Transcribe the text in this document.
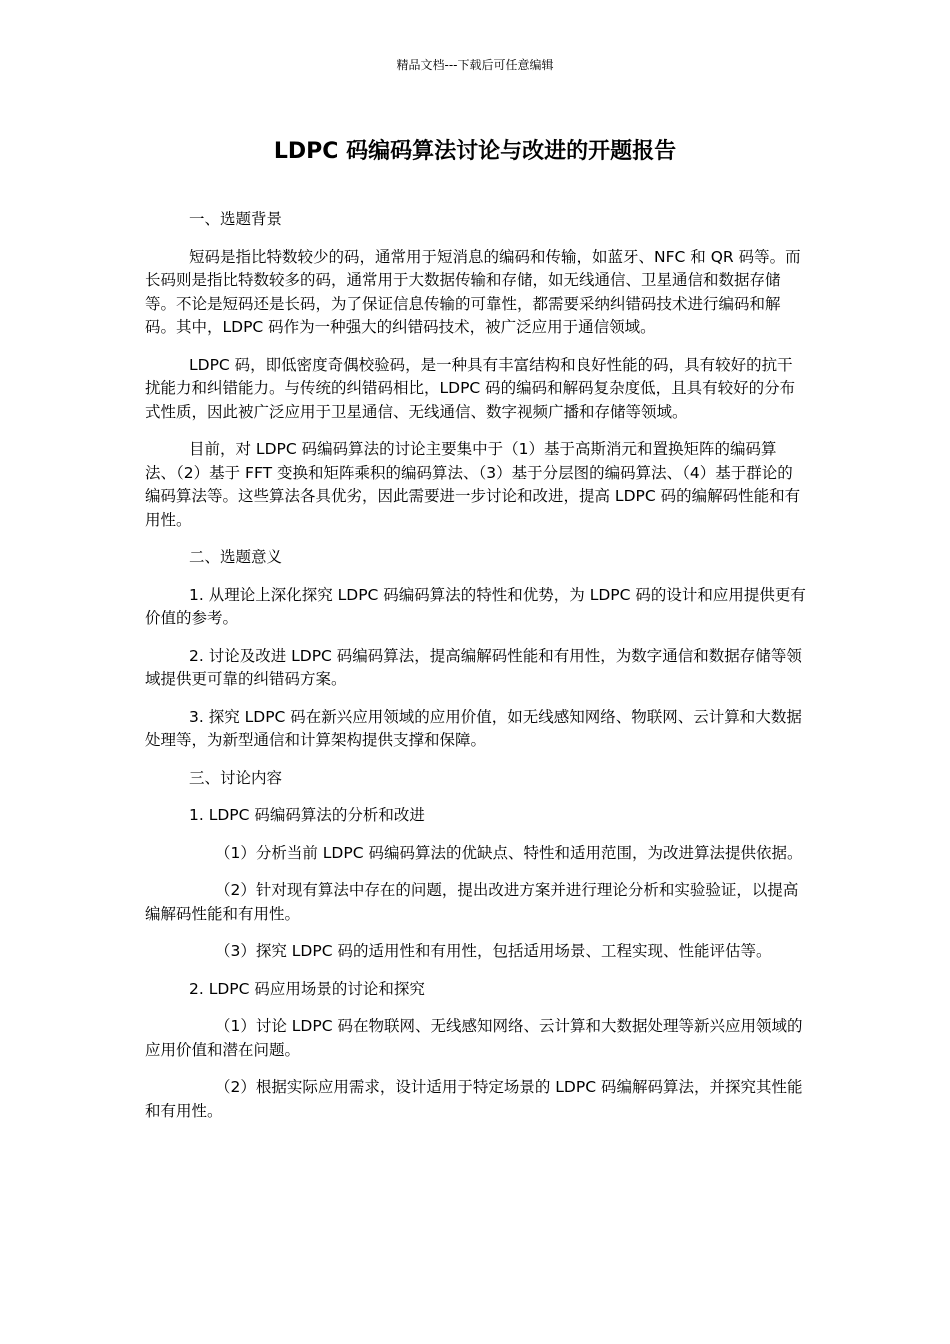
精品文档---下载后可任意编辑
LDPC 码编码算法讨论与改进的开题报告

一、选题背景

短码是指比特数较少的码，通常用于短消息的编码和传输，如蓝牙、NFC 和 QR 码等。而长码则是指比特数较多的码，通常用于大数据传输和存储，如无线通信、卫星通信和数据存储等。不论是短码还是长码，为了保证信息传输的可靠性，都需要采纳纠错码技术进行编码和解码。其中，LDPC 码作为一种强大的纠错码技术，被广泛应用于通信领域。

LDPC 码，即低密度奇偶校验码，是一种具有丰富结构和良好性能的码，具有较好的抗干扰能力和纠错能力。与传统的纠错码相比，LDPC 码的编码和解码复杂度低，且具有较好的分布式性质，因此被广泛应用于卫星通信、无线通信、数字视频广播和存储等领域。

目前，对 LDPC 码编码算法的讨论主要集中于（1）基于高斯消元和置换矩阵的编码算法、（2）基于 FFT 变换和矩阵乘积的编码算法、（3）基于分层图的编码算法、（4）基于群论的编码算法等。这些算法各具优劣，因此需要进一步讨论和改进，提高 LDPC 码的编解码性能和有用性。

二、选题意义

1. 从理论上深化探究 LDPC 码编码算法的特性和优势，为 LDPC 码的设计和应用提供更有价值的参考。

2. 讨论及改进 LDPC 码编码算法，提高编解码性能和有用性，为数字通信和数据存储等领域提供更可靠的纠错码方案。

3. 探究 LDPC 码在新兴应用领域的应用价值，如无线感知网络、物联网、云计算和大数据处理等，为新型通信和计算架构提供支撑和保障。

三、讨论内容

1. LDPC 码编码算法的分析和改进

（1）分析当前 LDPC 码编码算法的优缺点、特性和适用范围，为改进算法提供依据。

（2）针对现有算法中存在的问题，提出改进方案并进行理论分析和实验验证，以提高编解码性能和有用性。

（3）探究 LDPC 码的适用性和有用性，包括适用场景、工程实现、性能评估等。

2. LDPC 码应用场景的讨论和探究

（1）讨论 LDPC 码在物联网、无线感知网络、云计算和大数据处理等新兴应用领域的应用价值和潜在问题。

（2）根据实际应用需求，设计适用于特定场景的 LDPC 码编解码算法，并探究其性能和有用性。
